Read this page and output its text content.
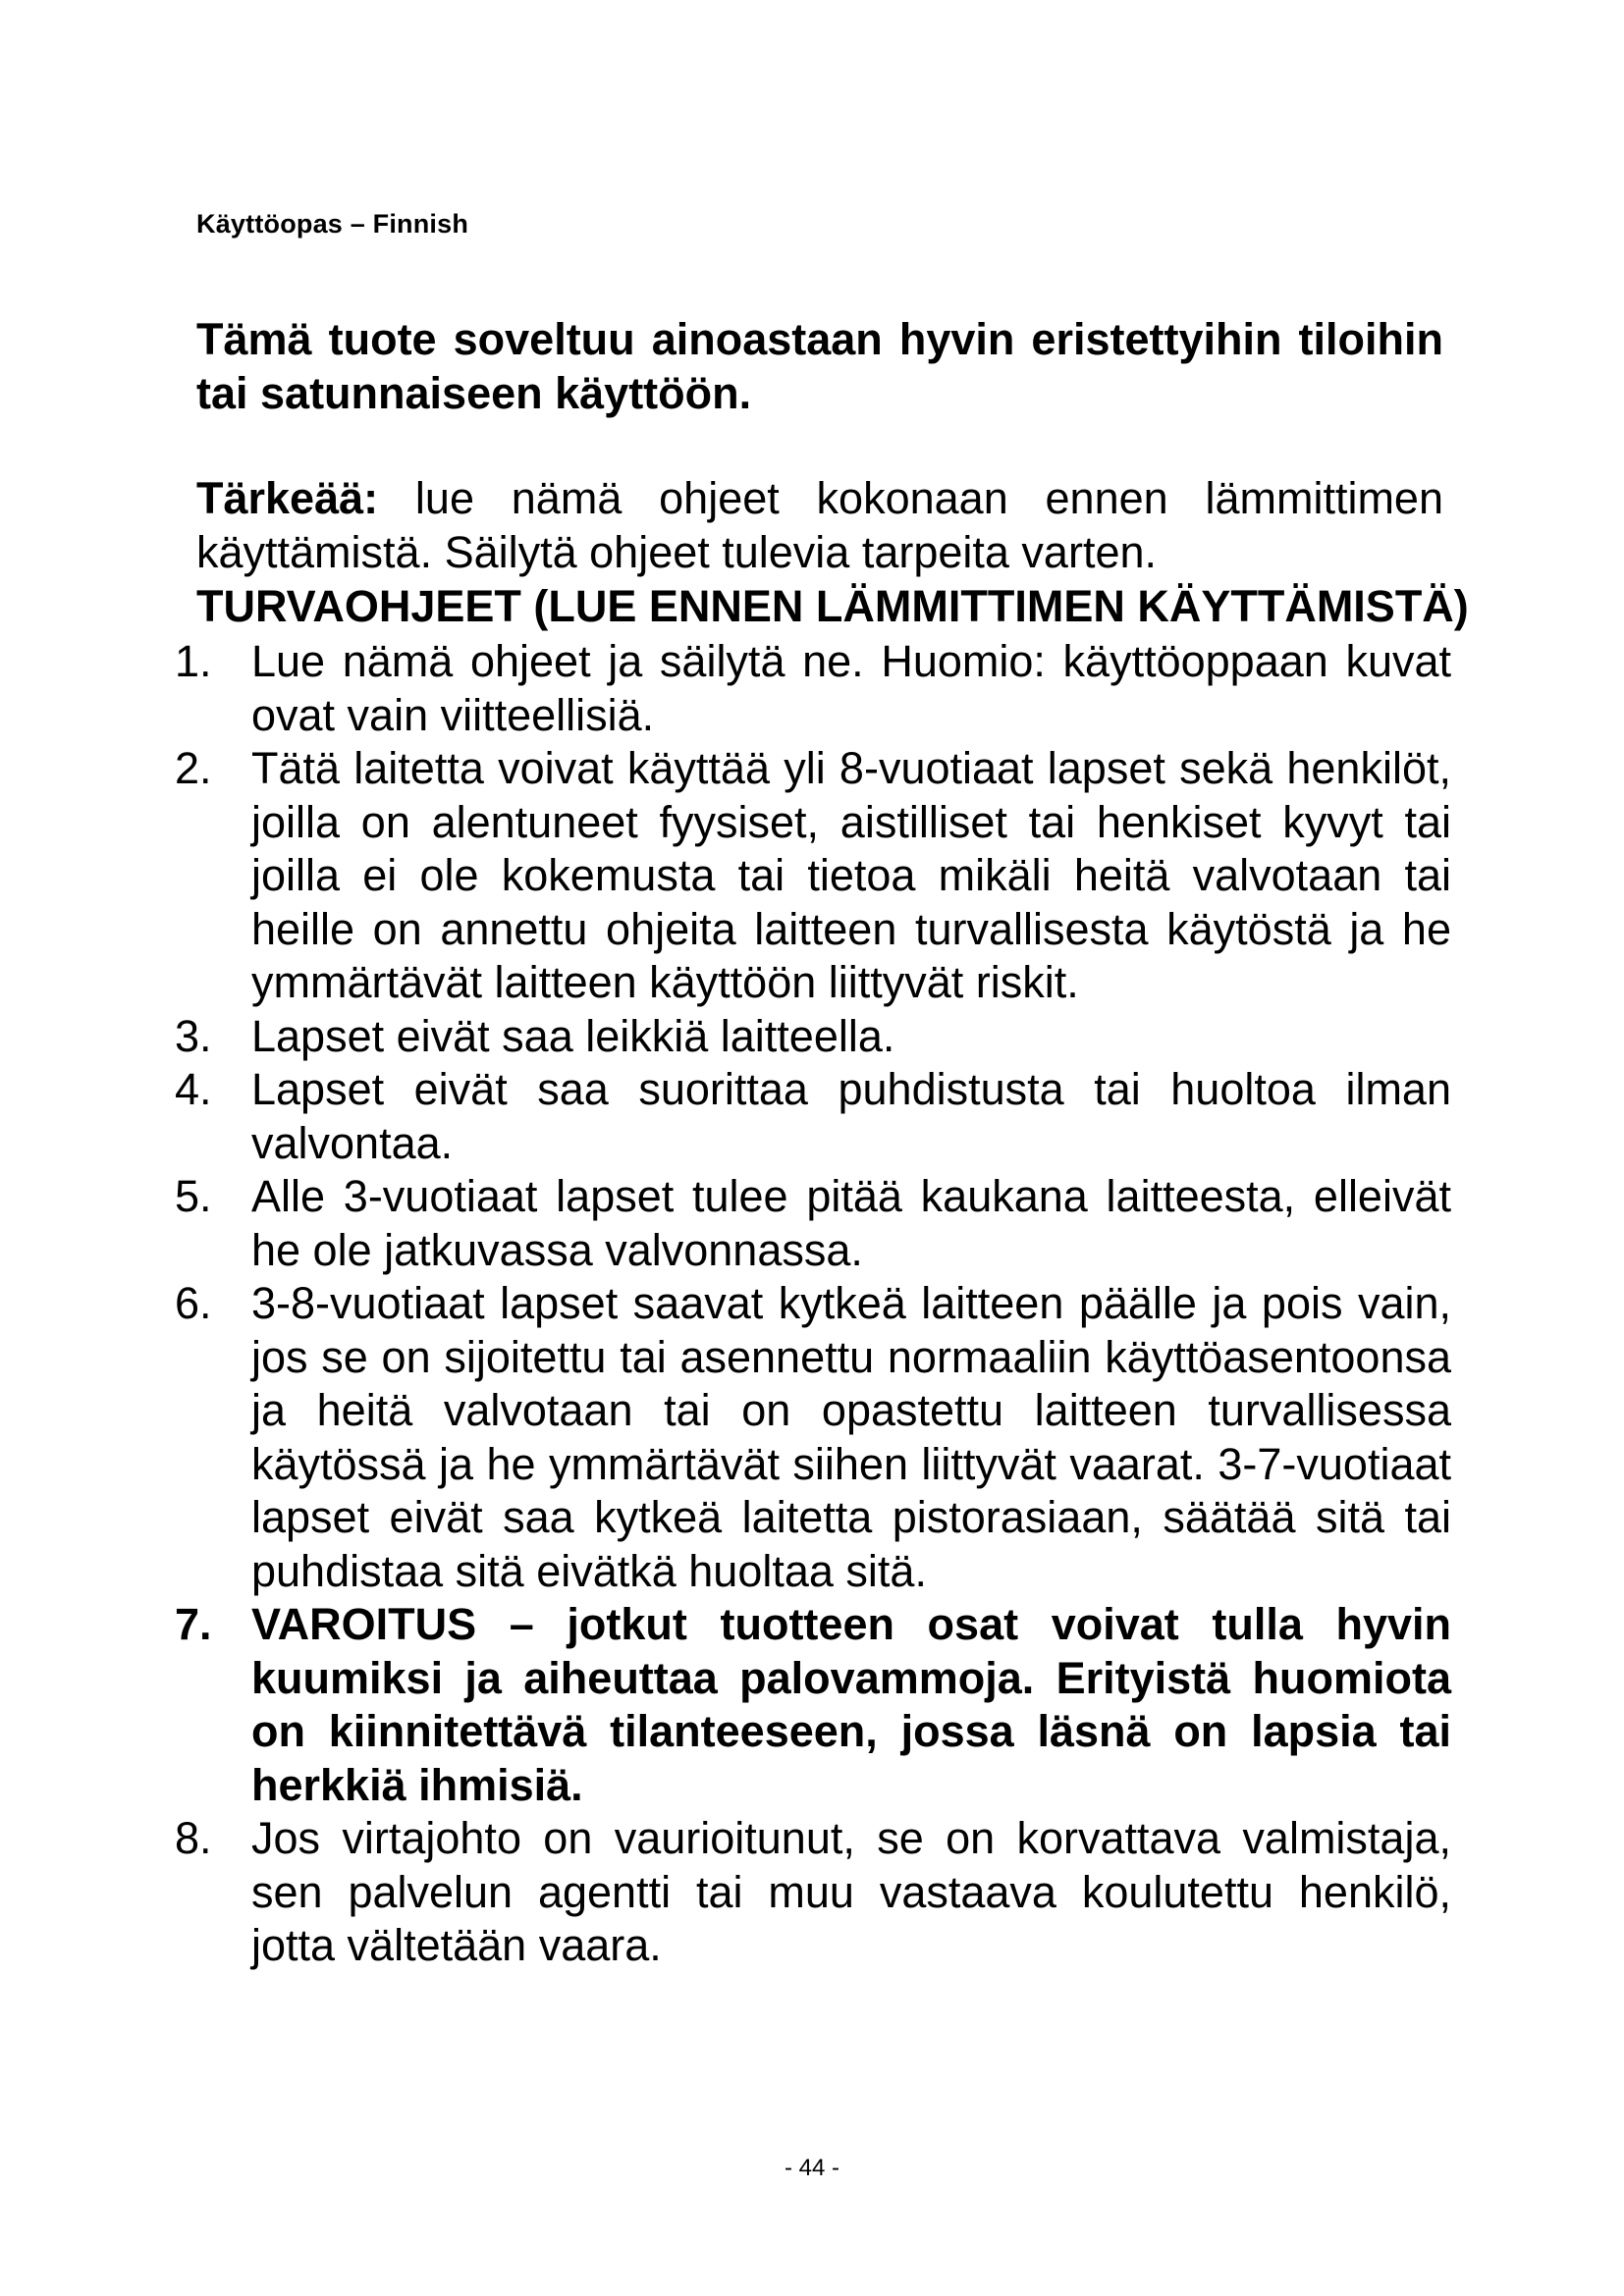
Käyttöopas – Finnish

Tämä tuote soveltuu ainoastaan hyvin eristettyihin tiloihin tai satunnaiseen käyttöön.

Tärkeää: lue nämä ohjeet kokonaan ennen lämmittimen käyttämistä. Säilytä ohjeet tulevia tarpeita varten.

TURVAOHJEET (LUE ENNEN LÄMMITTIMEN KÄYTTÄMISTÄ)
1. Lue nämä ohjeet ja säilytä ne. Huomio: käyttöoppaan kuvat ovat vain viitteellisiä.
2. Tätä laitetta voivat käyttää yli 8-vuotiaat lapset sekä henkilöt, joilla on alentuneet fyysiset, aistilliset tai henkiset kyvyt tai joilla ei ole kokemusta tai tietoa mikäli heitä valvotaan tai heille on annettu ohjeita laitteen turvallisesta käytöstä ja he ymmärtävät laitteen käyttöön liittyvät riskit.
3. Lapset eivät saa leikkiä laitteella.
4. Lapset eivät saa suorittaa puhdistusta tai huoltoa ilman valvontaa.
5. Alle 3-vuotiaat lapset tulee pitää kaukana laitteesta, elleivät he ole jatkuvassa valvonnassa.
6. 3-8-vuotiaat lapset saavat kytkeä laitteen päälle ja pois vain, jos se on sijoitettu tai asennettu normaaliin käyttöasentoonsa ja heitä valvotaan tai on opastettu laitteen turvallisessa käytössä ja he ymmärtävät siihen liittyvät vaarat. 3-7-vuotiaat lapset eivät saa kytkeä laitetta pistorasiaan, säätää sitä tai puhdistaa sitä eivätkä huoltaa sitä.
7. VAROITUS – jotkut tuotteen osat voivat tulla hyvin kuumiksi ja aiheuttaa palovammoja. Erityistä huomiota on kiinnitettävä tilanteeseen, jossa läsnä on lapsia tai herkkiä ihmisiä.
8. Jos virtajohto on vaurioitunut, se on korvattava valmistaja, sen palvelun agentti tai muu vastaava koulutettu henkilö, jotta vältetään vaara.
- 44 -
